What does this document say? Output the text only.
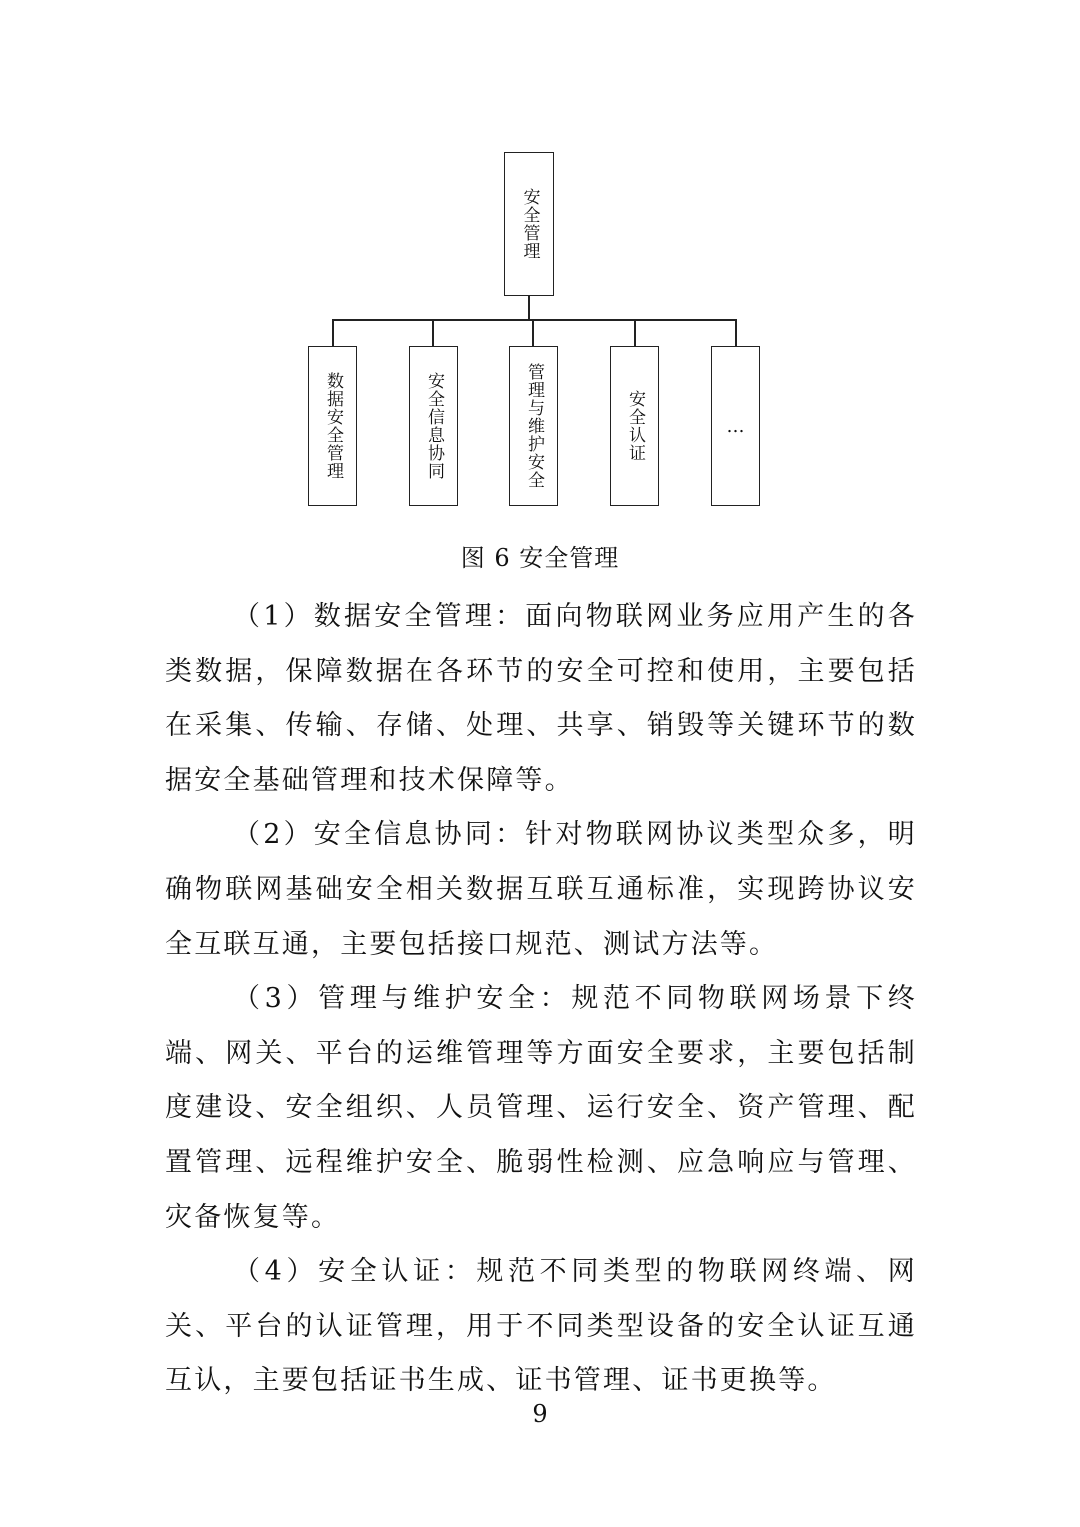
安全管理
数据安全管理	安全信息协同	管理与维护安全	安全认证	…
图 6 安全管理

（1）数据安全管理：面向物联网业务应用产生的各类数据，保障数据在各环节的安全可控和使用，主要包括在采集、传输、存储、处理、共享、销毁等关键环节的数据安全基础管理和技术保障等。

（2）安全信息协同：针对物联网协议类型众多，明确物联网基础安全相关数据互联互通标准，实现跨协议安全互联互通，主要包括接口规范、测试方法等。

（3）管理与维护安全：规范不同物联网场景下终端、网关、平台的运维管理等方面安全要求，主要包括制度建设、安全组织、人员管理、运行安全、资产管理、配置管理、远程维护安全、脆弱性检测、应急响应与管理、灾备恢复等。

（4）安全认证：规范不同类型的物联网终端、网关、平台的认证管理，用于不同类型设备的安全认证互通互认，主要包括证书生成、证书管理、证书更换等。

9
